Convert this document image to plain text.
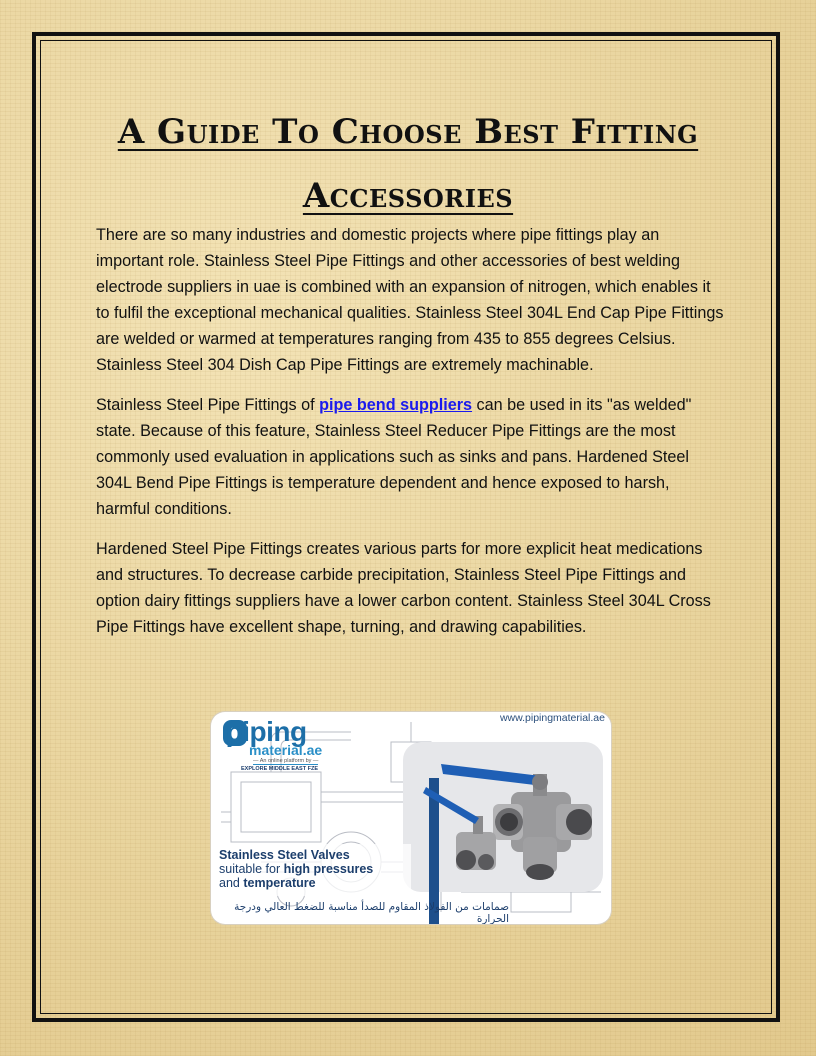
A Guide To Choose Best Fitting
Accessories

There are so many industries and domestic projects where pipe fittings play an important role. Stainless Steel Pipe Fittings and other accessories of best welding electrode suppliers in uae is combined with an expansion of nitrogen, which enables it to fulfil the exceptional mechanical qualities. Stainless Steel 304L End Cap Pipe Fittings are welded or warmed at temperatures ranging from 435 to 855 degrees Celsius. Stainless Steel 304 Dish Cap Pipe Fittings are extremely machinable.

Stainless Steel Pipe Fittings of pipe bend suppliers can be used in its "as welded" state. Because of this feature, Stainless Steel Reducer Pipe Fittings are the most commonly used evaluation in applications such as sinks and pans. Hardened Steel 304L Bend Pipe Fittings is temperature dependent and hence exposed to harsh, harmful conditions.

Hardened Steel Pipe Fittings creates various parts for more explicit heat medications and structures. To decrease carbide precipitation, Stainless Steel Pipe Fittings and option dairy fittings suppliers have a lower carbon content. Stainless Steel 304L Cross Pipe Fittings have excellent shape, turning, and drawing capabilities.

piping
material.ae
— An online platform by —
EXPLORE MIDDLE EAST FZE
www.pipingmaterial.ae
Stainless Steel Valves
suitable for high pressures
and temperature
صمامات من الفولاذ المقاوم للصدأ مناسبة للضغط العالي ودرجة الحرارة
